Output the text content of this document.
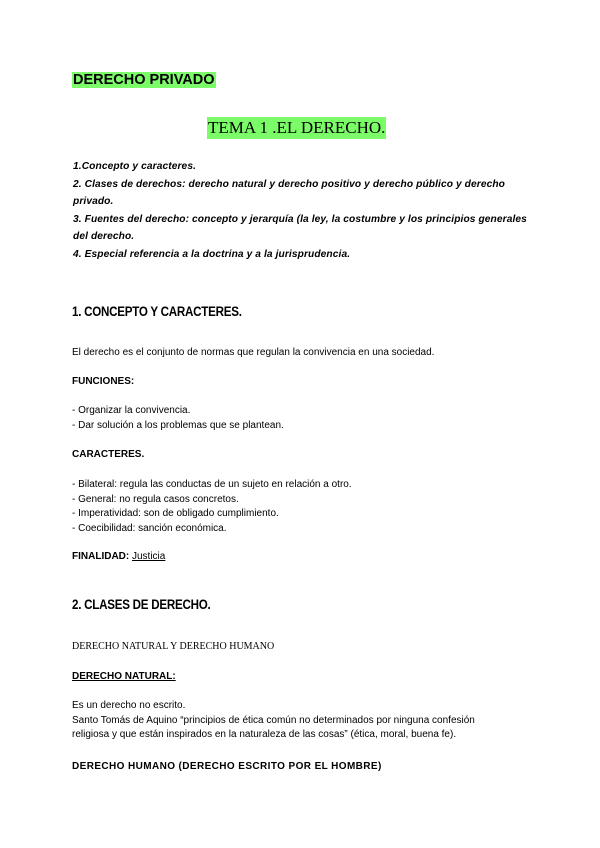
DERECHO PRIVADO
TEMA 1 .EL DERECHO.

1.Concepto y caracteres.

2. Clases de derechos: derecho natural y derecho positivo y derecho público y derecho privado.

3. Fuentes del derecho: concepto y jerarquía (la ley, la costumbre y los principios generales del derecho.

4. Especial referencia a la doctrina y a la jurisprudencia.

1. CONCEPTO Y CARACTERES.
El derecho es el conjunto de normas que regulan la convivencia en una sociedad.
FUNCIONES:
- Organizar la convivencia.
- Dar solución a los problemas que se plantean.
CARACTERES.
- Bilateral: regula las conductas de un sujeto en relación a otro.
- General: no regula casos concretos.
- Imperatividad: son de obligado cumplimiento.
- Coecibilidad: sanción económica.
FINALIDAD: Justicia
2. CLASES DE DERECHO.
DERECHO NATURAL Y DERECHO HUMANO
DERECHO NATURAL:
Es un derecho no escrito.
Santo Tomás de Aquino “principios de ética común no determinados por ninguna confesión
religiosa y que están inspirados en la naturaleza de las cosas” (ética, moral, buena fe).
DERECHO HUMANO (DERECHO ESCRITO POR EL HOMBRE)
